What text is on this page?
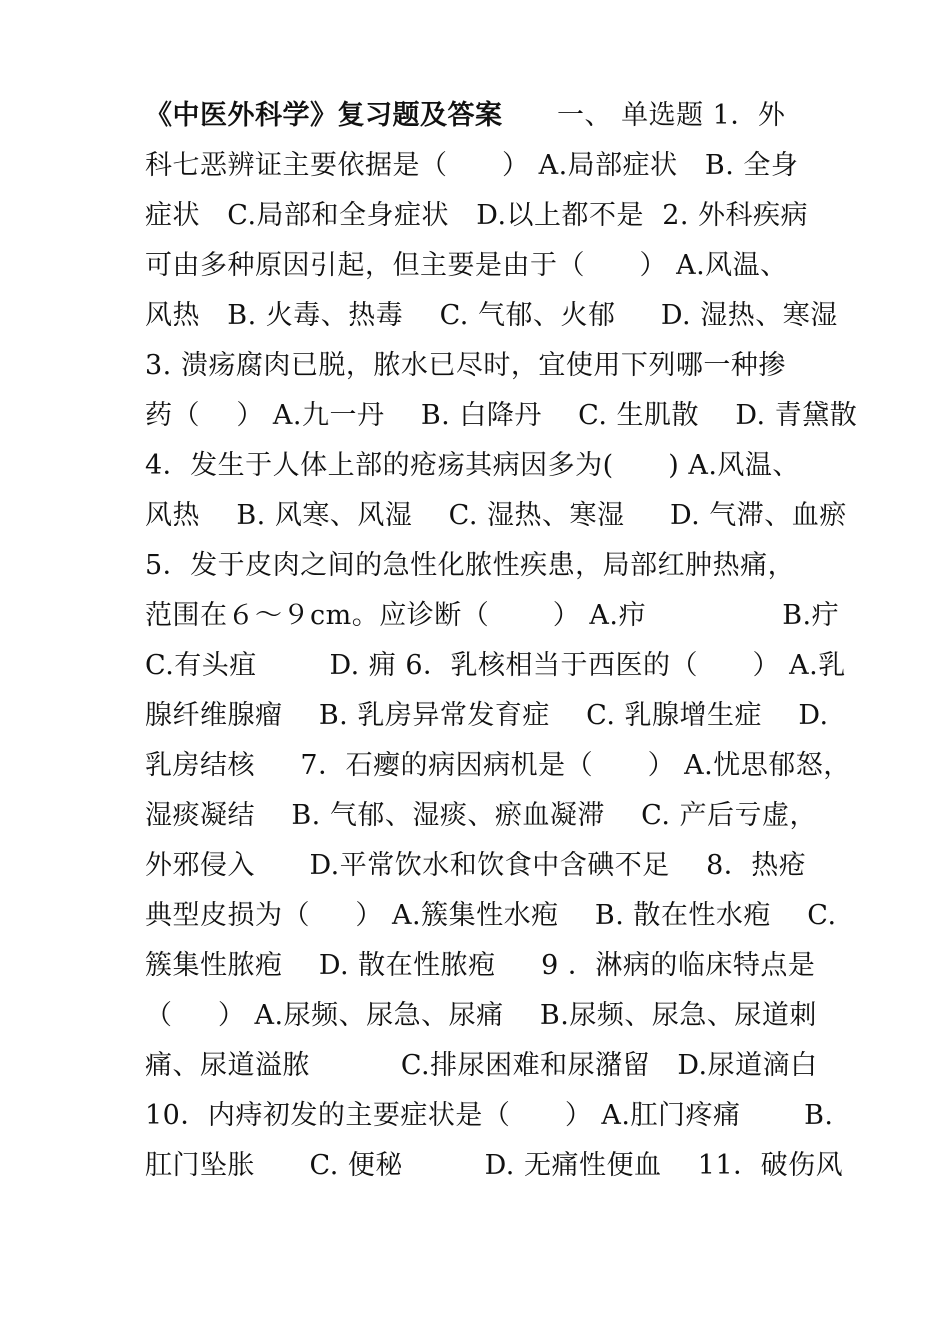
《中医外科学》复习题及答案      一、 单选题 1．外
科七恶辨证主要依据是（      ） A.局部症状   B. 全身
症状   C.局部和全身症状   D.以上都不是  2. 外科疾病
可由多种原因引起，但主要是由于（      ） A.风温、
风热   B. 火毒、热毒    C. 气郁、火郁     D. 湿热、寒湿
3. 溃疡腐肉已脱，脓水已尽时，宜使用下列哪一种掺
药（    ） A.九一丹    B. 白降丹    C. 生肌散    D. 青黛散
4．发生于人体上部的疮疡其病因多为(      ) A.风温、
风热    B. 风寒、风湿    C. 湿热、寒湿     D. 气滞、血瘀
5．发于皮肉之间的急性化脓性疾患，局部红肿热痛，
范围在６～９cm。应诊断（       ） A.疖               B.疔
C.有头疽        D. 痈 6．乳核相当于西医的（      ） A.乳
腺纤维腺瘤    B. 乳房异常发育症    C. 乳腺增生症    D.
乳房结核     7．石瘿的病因病机是（      ） A.忧思郁怒，
湿痰凝结    B. 气郁、湿痰、瘀血凝滞    C. 产后亏虚，
外邪侵入      D.平常饮水和饮食中含碘不足    8．热疮
典型皮损为（     ） A.簇集性水疱    B. 散在性水疱    C.
簇集性脓疱    D. 散在性脓疱     9 ．淋病的临床特点是
（     ） A.尿频、尿急、尿痛    B.尿频、尿急、尿道刺
痛、尿道溢脓          C.排尿困难和尿潴留   D.尿道滴白
10．内痔初发的主要症状是（      ） A.肛门疼痛       B.
肛门坠胀      C. 便秘         D. 无痛性便血    11．破伤风
